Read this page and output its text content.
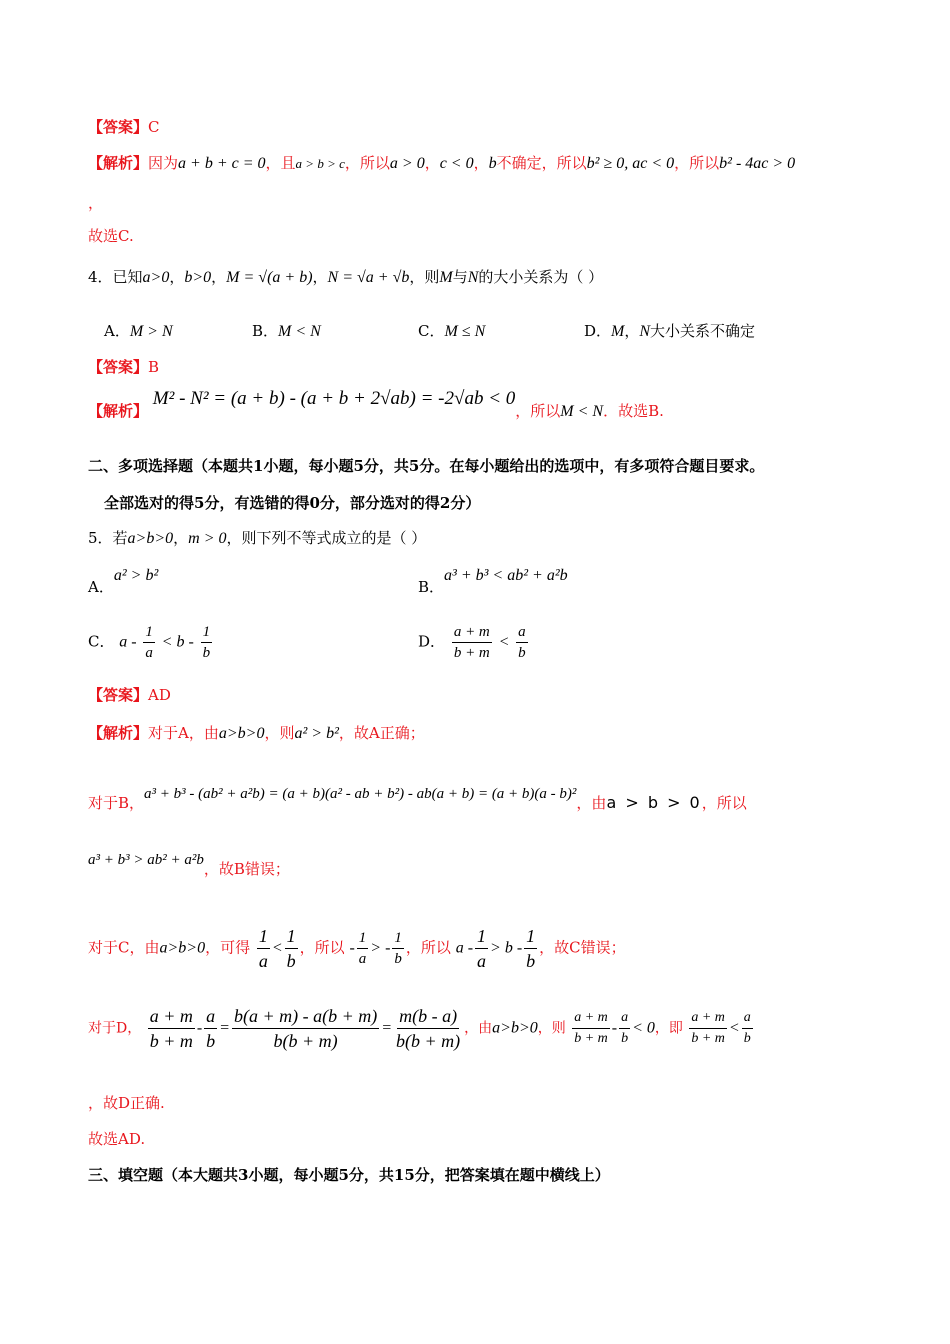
【答案】C
【解析】因为a + b + c = 0，且a > b > c，所以a > 0，c < 0，b不确定，所以b² ≥ 0, ac < 0，所以b² - 4ac > 0
，
故选C.
4．已知a>0，b>0，M = √(a + b)，N = √a + √b，则M与N的大小关系为（ ）
A．M > N	B．M < N	C．M ≤ N	D．M，N大小关系不确定
【答案】B
【解析】 M² - N² = (a + b) - (a + b + 2√ab) = -2√ab < 0，所以M < N．故选B.
二、多项选择题（本题共1小题，每小题5分，共5分。在每小题给出的选项中，有多项符合题目要求。
全部选对的得5分，有选错的得0分，部分选对的得2分）
5．若a>b>0，m > 0，则下列不等式成立的是（ ）
A．a² > b²
B．a³ + b³ < ab² + a²b
C． $a - \frac{1}{a} < b - \frac{1}{b}$	D． $\frac{a + m}{b + m} < \frac{a}{b}$
【答案】AD
【解析】对于A，由a>b>0，则a² > b²，故A正确；
对于B，a³ + b³ - (ab² + a²b) = (a + b)(a² - ab + b²) - ab(a + b) = (a + b)(a - b)²，由a > b > 0，所以
a³ + b³ > ab² + a²b，故B错误；
对于C，由a>b>0，可得 $\frac{1}{a} < \frac{1}{b}$ ，所以 - $\frac{1}{a}$ > - $\frac{1}{b}$ ，所以 $a - \frac{1}{a} > b - \frac{1}{b}$ ，故C错误；
对于D， $\frac{a + m}{b + m} - \frac{a}{b} = \frac{b(a + m) - a(b + m)}{b(b + m)} = \frac{m(b - a)}{b(b + m)}$ ，由a>b>0，则 $\frac{a + m}{b + m} - \frac{a}{b} < 0$，即 $\frac{a + m}{b + m} < \frac{a}{b}$
，故D正确.
故选AD.
三、填空题（本大题共3小题，每小题5分，共15分，把答案填在题中横线上）
